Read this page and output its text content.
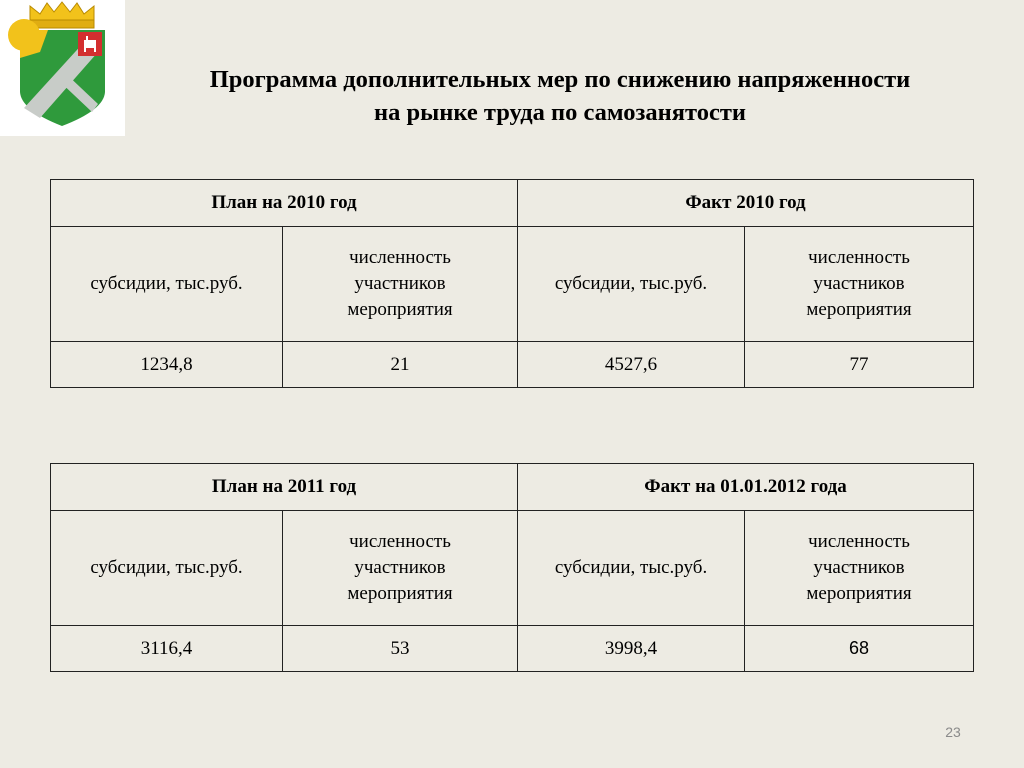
Программа дополнительных мер по снижению напряженности
на рынке труда по самозанятости
План на 2010 год		Факт 2010 год	
субсидии, тыс.руб.	численность участников мероприятия	субсидии, тыс.руб.	численность участников мероприятия
1234,8	21	4527,6	77
План на 2011 год		Факт на 01.01.2012 года	
субсидии, тыс.руб.	численность участников мероприятия	субсидии, тыс.руб.	численность участников мероприятия
3116,4	53	3998,4	68
23
